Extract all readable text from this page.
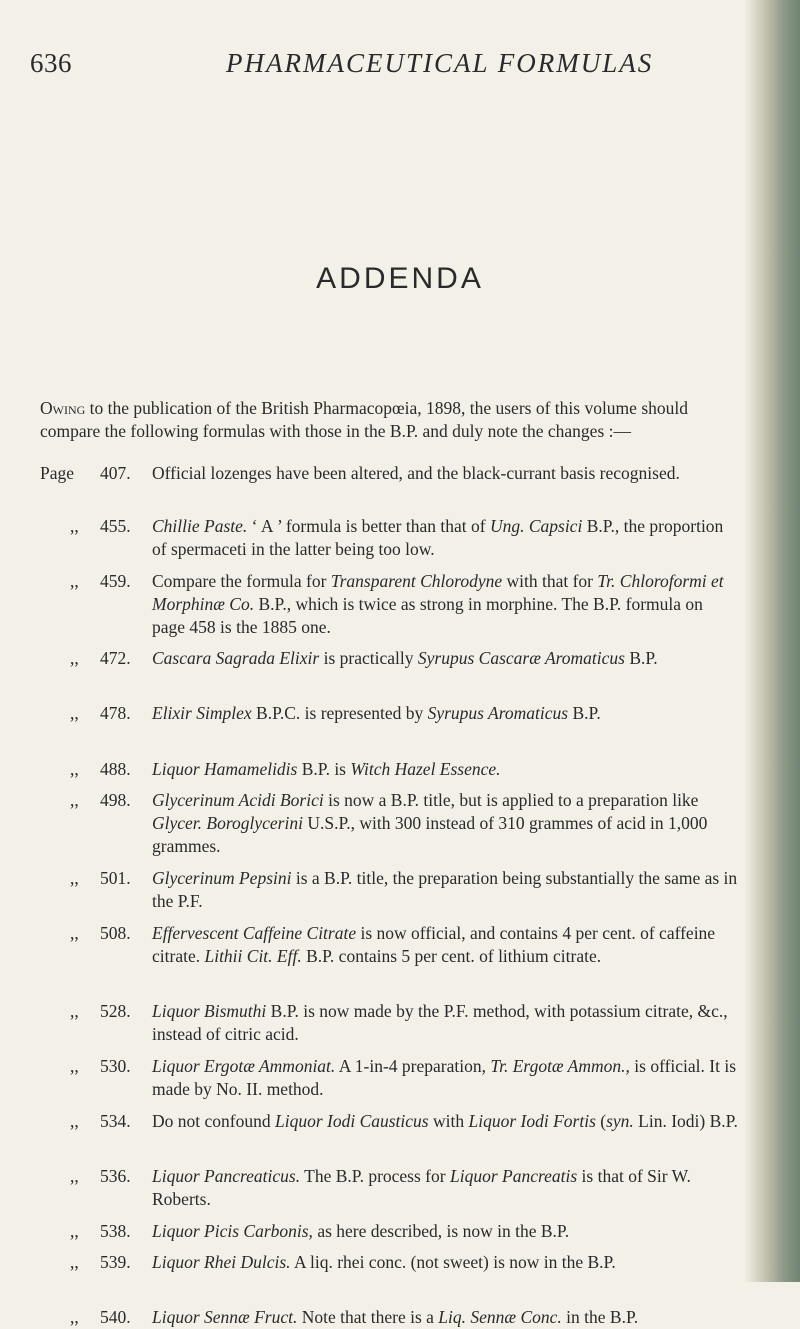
636	PHARMACEUTICAL FORMULAS
ADDENDA

Owing to the publication of the British Pharmacopœia, 1898, the users of this volume should compare the following formulas with those in the B.P. and duly note the changes :—

Page 407. Official lozenges have been altered, and the black-currant basis recognised.
,,	455. Chillie Paste. ‘ A ’ formula is better than that of Ung. Capsici B.P., the proportion of spermaceti in the latter being too low.
,,	459. Compare the formula for Transparent Chlorodyne with that for Tr. Chloroformi et Morphinæ Co. B.P., which is twice as strong in morphine. The B.P. formula on page 458 is the 1885 one.
,,	472. Cascara Sagrada Elixir is practically Syrupus Cascaræ Aromaticus B.P.
,,	478. Elixir Simplex B.P.C. is represented by Syrupus Aromaticus B.P.
,,	488. Liquor Hamamelidis B.P. is Witch Hazel Essence.
,,	498. Glycerinum Acidi Borici is now a B.P. title, but is applied to a preparation like Glycer. Boroglycerini U.S.P., with 300 instead of 310 grammes of acid in 1,000 grammes.
,,	501. Glycerinum Pepsini is a B.P. title, the preparation being substantially the same as in the P.F.
,,	508. Effervescent Caffeine Citrate is now official, and contains 4 per cent. of caffeine citrate. Lithii Cit. Eff. B.P. contains 5 per cent. of lithium citrate.
,,	528. Liquor Bismuthi B.P. is now made by the P.F. method, with potassium citrate, &c., instead of citric acid.
,,	530. Liquor Ergotæ Ammoniat. A 1-in-4 preparation, Tr. Ergotæ Ammon., is official. It is made by No. II. method.
,,	534. Do not confound Liquor Iodi Causticus with Liquor Iodi Fortis (syn. Lin. Iodi) B.P.
,,	536. Liquor Pancreaticus. The B.P. process for Liquor Pancreatis is that of Sir W. Roberts.
,,	538. Liquor Picis Carbonis, as here described, is now in the B.P.
,,	539. Liquor Rhei Dulcis. A liq. rhei conc. (not sweet) is now in the B.P.
,,	540. Liquor Sennæ Fruct. Note that there is a Liq. Sennæ Conc. in the B.P.
